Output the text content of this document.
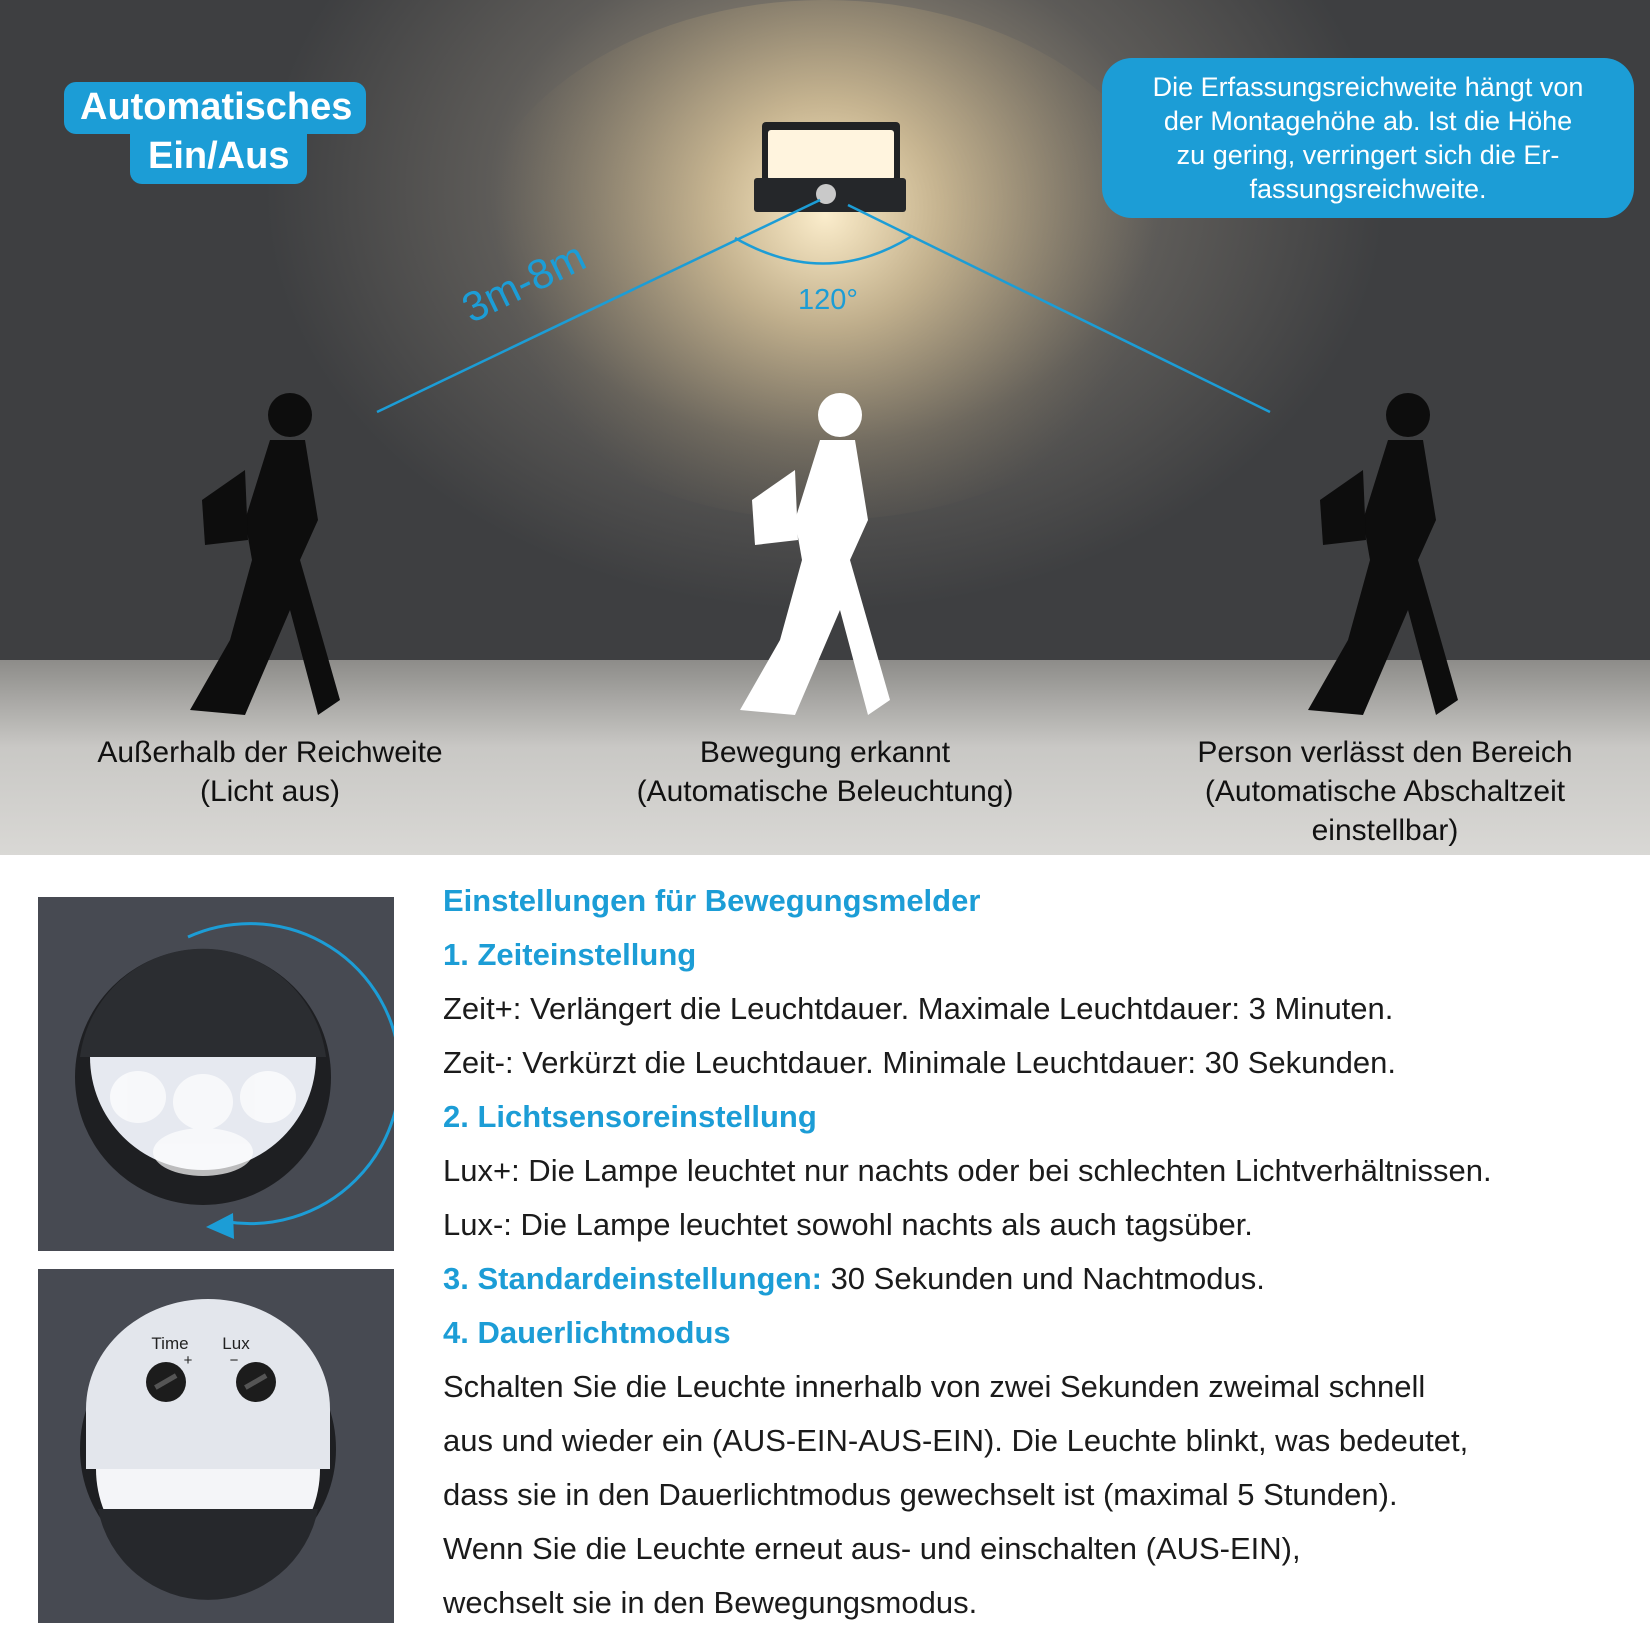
3m-8m	120°
Automatisches
Ein/Aus
Die Erfassungsreichweite hängt von
der Montagehöhe ab. Ist die Höhe
zu gering, verringert sich die Er-
fassungsreichweite.
Außerhalb der Reichweite
(Licht aus)
Bewegung erkannt
(Automatische Beleuchtung)
Person verlässt den Bereich
(Automatische Abschaltzeit
einstellbar)
Time Lux
+ −
Einstellungen für Bewegungsmelder
1. Zeiteinstellung
Zeit+: Verlängert die Leuchtdauer. Maximale Leuchtdauer: 3 Minuten.
Zeit-: Verkürzt die Leuchtdauer. Minimale Leuchtdauer: 30 Sekunden.
2. Lichtsensoreinstellung
Lux+: Die Lampe leuchtet nur nachts oder bei schlechten Lichtverhältnissen.
Lux-: Die Lampe leuchtet sowohl nachts als auch tagsüber.
3. Standardeinstellungen: 30 Sekunden und Nachtmodus.
4. Dauerlichtmodus
Schalten Sie die Leuchte innerhalb von zwei Sekunden zweimal schnell
aus und wieder ein (AUS-EIN-AUS-EIN). Die Leuchte blinkt, was bedeutet,
dass sie in den Dauerlichtmodus gewechselt ist (maximal 5 Stunden).
Wenn Sie die Leuchte erneut aus- und einschalten (AUS-EIN),
wechselt sie in den Bewegungsmodus.
